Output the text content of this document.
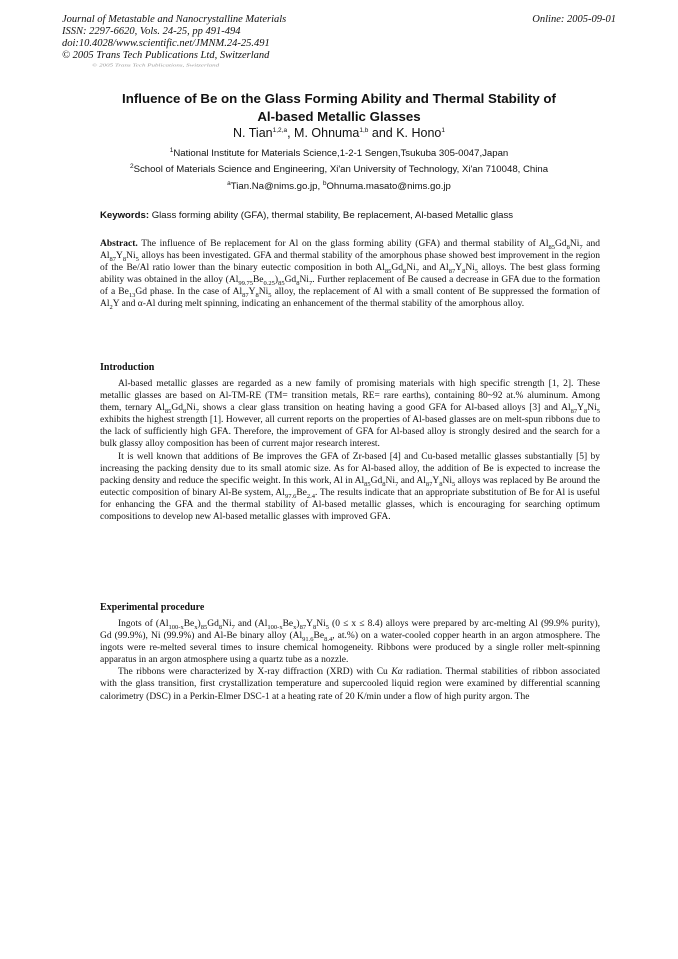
Journal of Metastable and Nanocrystalline Materials
ISSN: 2297-6620, Vols. 24-25, pp 491-494
doi:10.4028/www.scientific.net/JMNM.24-25.491
© 2005 Trans Tech Publications Ltd, Switzerland
Online: 2005-09-01
© 2005 Trans Tech Publications, Switzerland
Influence of Be on the Glass Forming Ability and Thermal Stability of
Al-based Metallic Glasses
N. Tian$^{1,2,a}$, M. Ohnuma$^{1,b}$ and K. Hono$^1$
$^1$National Institute for Materials Science,1-2-1 Sengen,Tsukuba 305-0047,Japan
$^2$School of Materials Science and Engineering, Xi'an University of Technology, Xi'an 710048, China
$^a$Tian.Na@nims.go.jp, $^b$Ohnuma.masato@nims.go.jp
Keywords: Glass forming ability (GFA), thermal stability, Be replacement, Al-based Metallic glass

Abstract. The influence of Be replacement for Al on the glass forming ability (GFA) and thermal stability of $Al_{85}Gd_8Ni_7$ and $Al_{87}Y_8Ni_5$ alloys has been investigated. GFA and thermal stability of the amorphous phase showed best improvement in the region of the Be/Al ratio lower than the binary eutectic composition in both $Al_{85}Gd_8Ni_7$ and $Al_{87}Y_8Ni_5$ alloys. The best glass forming ability was obtained in the alloy $(Al_{99.75}Be_{0.25})_{85}Gd_8Ni_7$. Further replacement of Be caused a decrease in GFA due to the formation of a $Be_{13}Gd$ phase. In the case of $Al_{87}Y_8Ni_5$ alloy, the replacement of Al with a small content of Be suppressed the formation of $Al_2Y$ and α-Al during melt spinning, indicating an enhancement of the thermal stability of the amorphous alloy.

Introduction

Al-based metallic glasses are regarded as a new family of promising materials with high specific strength [1, 2]. These metallic glasses are based on Al-TM-RE (TM= transition metals, RE= rare earths), containing 80~92 at.% aluminum. Among them, ternary $Al_{85}Gd_8Ni_7$ shows a clear glass transition on heating having a good GFA for Al-based alloys [3] and $Al_{87}Y_8Ni_5$ exhibits the highest strength [1]. However, all current reports on the properties of Al-based glasses are on melt-spun ribbons due to the lack of sufficiently high GFA. Therefore, the improvement of GFA for Al-based alloy is strongly desired and the search for a bulk glassy alloy composition has been of current major research interest.

It is well known that additions of Be improves the GFA of Zr-based [4] and Cu-based metallic glasses substantially [5] by increasing the packing density due to its small atomic size. As for Al-based alloy, the addition of Be is expected to increase the packing density and reduce the specific weight. In this work, Al in $Al_{85}Gd_8Ni_7$ and $Al_{87}Y_8Ni_5$ alloys was replaced by Be around the eutectic composition of binary Al-Be system, $Al_{97.6}Be_{2.4}$. The results indicate that an appropriate substitution of Be for Al is useful for enhancing the GFA and the thermal stability of Al-based metallic glasses, which is encouraging for searching optimum compositions to develop new Al-based metallic glasses with improved GFA.

Experimental procedure

Ingots of $(Al_{100-x}Be_x)_{85}Gd_8Ni_7$ and $(Al_{100-x}Be_x)_{87}Y_8Ni_5$ (0 ≤ x ≤ 8.4) alloys were prepared by arc-melting Al (99.9% purity), Gd (99.9%), Ni (99.9%) and Al-Be binary alloy ($Al_{91.6}Be_{8.4}$, at.%) on a water-cooled copper hearth in an argon atmosphere. The ingots were re-melted several times to insure chemical homogeneity. Ribbons were produced by a single roller melt-spinning apparatus in an argon atmosphere using a quartz tube as a nozzle.

The ribbons were characterized by X-ray diffraction (XRD) with Cu Kα radiation. Thermal stabilities of ribbon associated with the glass transition, first crystallization temperature and supercooled liquid region were examined by differential scanning calorimetry (DSC) in a Perkin-Elmer DSC-1 at a heating rate of 20 K/min under a flow of high purity argon. The
